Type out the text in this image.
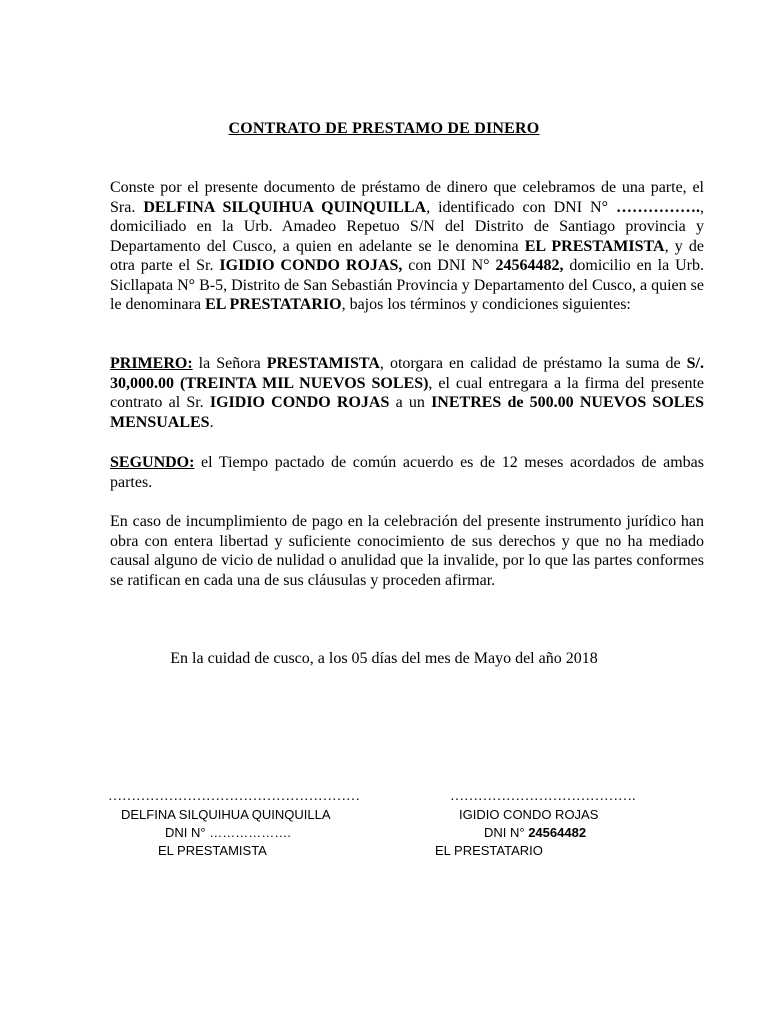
CONTRATO DE PRESTAMO DE DINERO
Conste por el presente documento de préstamo de dinero que celebramos de una parte, el Sra. DELFINA SILQUIHUA QUINQUILLA, identificado con DNI N° ……………., domiciliado en la Urb. Amadeo Repetuo S/N del Distrito de Santiago provincia y Departamento del Cusco, a quien en adelante se le denomina EL PRESTAMISTA, y de otra parte el Sr. IGIDIO CONDO ROJAS, con DNI N° 24564482, domicilio en la Urb. Sicllapata N° B-5, Distrito de San Sebastián Provincia y Departamento del Cusco, a quien se le denominara EL PRESTATARIO, bajos los términos y condiciones siguientes:
PRIMERO: la Señora PRESTAMISTA, otorgara en calidad de préstamo la suma de S/. 30,000.00 (TREINTA MIL NUEVOS SOLES), el cual entregara a la firma del presente contrato al Sr. IGIDIO CONDO ROJAS a un INETRES de 500.00 NUEVOS SOLES MENSUALES.
SEGUNDO: el Tiempo pactado de común acuerdo es de 12 meses acordados de ambas partes.
En caso de incumplimiento de pago en la celebración del presente instrumento jurídico han obra con entera libertad y suficiente conocimiento de sus derechos y que no ha mediado causal alguno de vicio de nulidad o anulidad que la invalide, por lo que las partes conformes se ratifican en cada una de sus cláusulas y proceden afirmar.
En la cuidad de cusco, a los 05 días del mes de Mayo del año 2018
………………………………………………
DELFINA SILQUIHUA QUINQUILLA
DNI N° ……………….
EL PRESTAMISTA
………………………………….
IGIDIO CONDO ROJAS
DNI N° 24564482
EL PRESTATARIO
